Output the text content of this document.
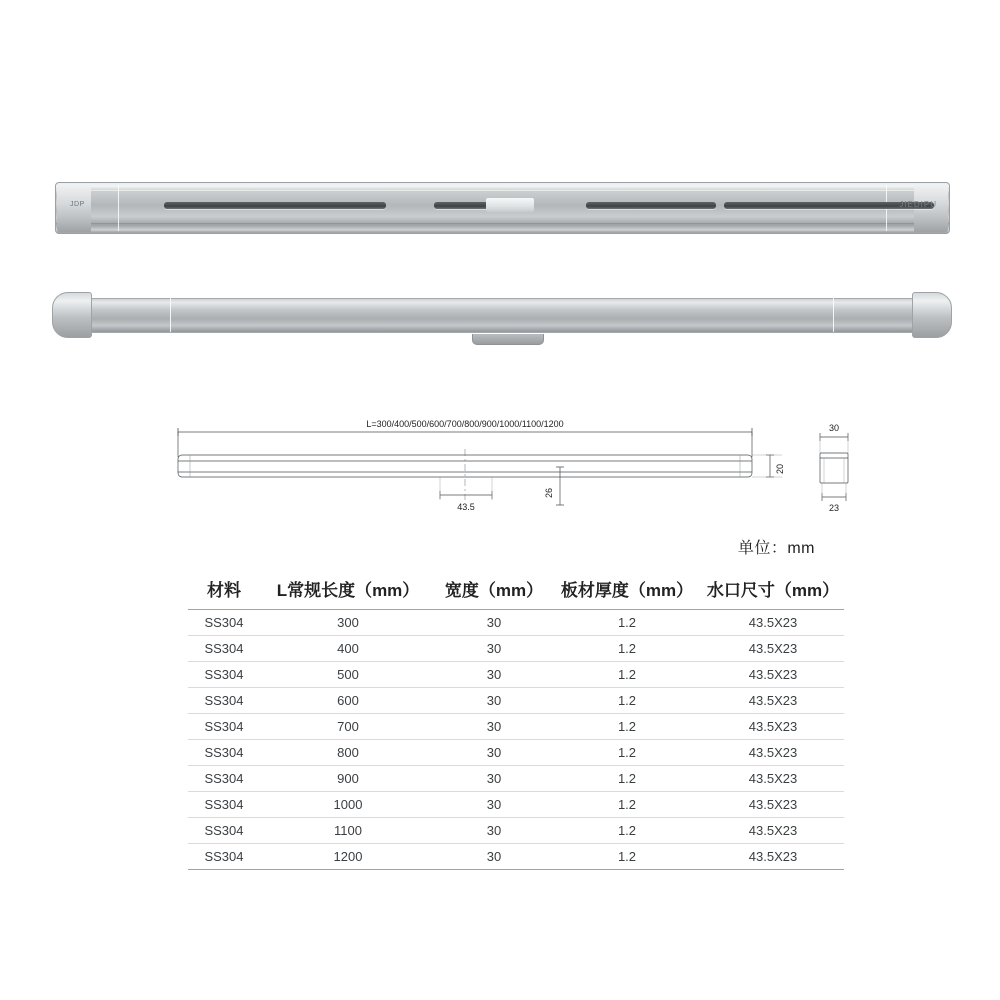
JDP	JIEDIPU
L=300/400/500/600/700/800/900/1000/1100/1200
20
26
43.5
30
23
单位：mm
材料	L常规长度（mm）	宽度（mm）	板材厚度（mm）	水口尺寸（mm）
SS304	300	30	1.2	43.5X23
SS304	400	30	1.2	43.5X23
SS304	500	30	1.2	43.5X23
SS304	600	30	1.2	43.5X23
SS304	700	30	1.2	43.5X23
SS304	800	30	1.2	43.5X23
SS304	900	30	1.2	43.5X23
SS304	1000	30	1.2	43.5X23
SS304	1100	30	1.2	43.5X23
SS304	1200	30	1.2	43.5X23
